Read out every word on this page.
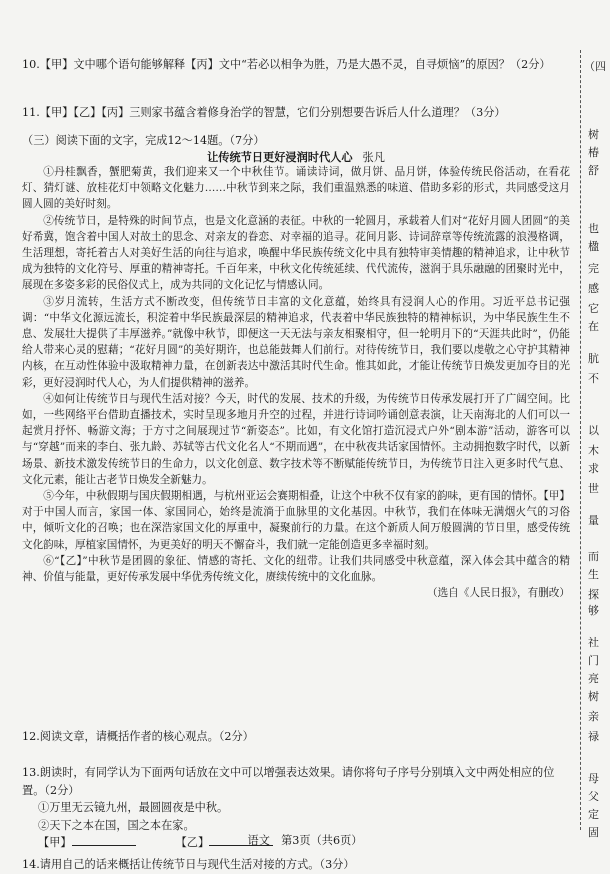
10.【甲】文中哪个语句能够解释【丙】文中“若必以相争为胜，乃是大愚不灵，自寻烦恼”的原因？（2分）

11.【甲】【乙】【丙】三则家书蕴含着修身治学的智慧，它们分别想要告诉后人什么道理？（3分）

（三）阅读下面的文字，完成12～14题。（7分）

让传统节日更好浸润时代人心 张凡

①丹桂飘香，蟹肥菊黄，我们迎来又一个中秋佳节。诵读诗词，做月饼、品月饼，体验传统民俗活动，在看花灯、猜灯谜、放桂花灯中领略文化魅力……中秋节到来之际，我们重温熟悉的味道、借助多彩的形式，共同感受这月圆人圆的美好时刻。

②传统节日，是特殊的时间节点，也是文化意涵的表征。中秋的一轮圆月，承载着人们对“花好月圆人团圆”的美好希冀，饱含着中国人对故土的思念、对亲友的眷恋、对幸福的追寻。花间月影、诗词辞章等传统流露的浪漫格调，生活理想，寄托着古人对美好生活的向往与追求，唤醒中华民族传统文化中具有独特审美情趣的精神追求，让中秋节成为独特的文化符号、厚重的精神寄托。千百年来，中秋文化传统延续、代代流传，滋润于具乐融融的团聚时光中，展现在多姿多彩的民俗仪式上，成为共同的文化记忆与情感认同。

③岁月流转，生活方式不断改变，但传统节日丰富的文化意蕴，始终具有浸润人心的作用。习近平总书记强调：“中华文化源远流长，积淀着中华民族最深层的精神追求，代表着中华民族独特的精神标识，为中华民族生生不息、发展壮大提供了丰厚滋养。”就像中秋节，即便这一天无法与亲友相聚相守，但一轮明月下的“天涯共此时”，仍能给人带来心灵的慰藉；“花好月圆”的美好期许，也总能鼓舞人们前行。对待传统节日，我们要以虔敬之心守护其精神内核，在互动性体验中汲取精神力量，在创新表达中激活其时代生命。惟其如此，才能让传统节日焕发更加夺目的光彩，更好浸润时代人心，为人们提供精神的滋养。

④如何让传统节日与现代生活对接？今天，时代的发展、技术的升级，为传统节日传承发展打开了广阔空间。比如，一些网络平台借助直播技术，实时呈现多地月升空的过程，并进行诗词吟诵创意表演，让天南海北的人们可以一起赏月抒怀、畅游文海；于方寸之间展现过节“新姿态”。比如，有文化馆打造沉浸式户外“剧本游”活动，游客可以与“穿越”而来的李白、张九龄、苏轼等古代文化名人“不期而遇”，在中秋夜共话家国情怀。主动拥抱数字时代，以新场景、新技术激发传统节日的生命力，以文化创意、数字技术等不断赋能传统节日，为传统节日注入更多时代气息、文化元素，能让古老节日焕发全新魅力。

⑤今年，中秋假期与国庆假期相遇，与杭州亚运会赛期相叠，让这个中秋不仅有家的韵味，更有国的情怀。【甲】对于中国人而言，家国一体、家国同心，始终是流淌于血脉里的文化基因。中秋节，我们在体味无满烟火气的习俗中，倾听文化的召唤；也在深浩家国文化的厚重中，凝聚前行的力量。在这个新质人间万般圆满的节日里，感受传统文化韵味，厚植家国情怀，为更美好的明天不懈奋斗，我们就一定能创造更多幸福时刻。

⑥“【乙】”中秋节是团圆的象征、情感的寄托、文化的纽带。让我们共同感受中秋意蕴，深入体会其中蕴含的精神、价值与能量，更好传承发展中华优秀传统文化，赓续传统中的文化血脉。

（选自《人民日报》，有删改）

12.阅读文章，请概括作者的核心观点。（2分）

13.朗读时，有同学认为下面两句话放在文中可以增强表达效果。请你将句子序号分别填入文中两处相应的位置。（2分）

①万里无云镜九州，最圆圆夜是中秋。

②天下之本在国，国之本在家。

【甲】	【乙】

14.请用自己的话来概括让传统节日与现代生活对接的方式。（3分）

语文　第3页（共6页）
（四
树
椿
舒
也
楹
完
感
它
在
肮
不
以
木
求
世
量
而
生
探
够
社
门
亮
树
亲
禄
母
父
定
固
